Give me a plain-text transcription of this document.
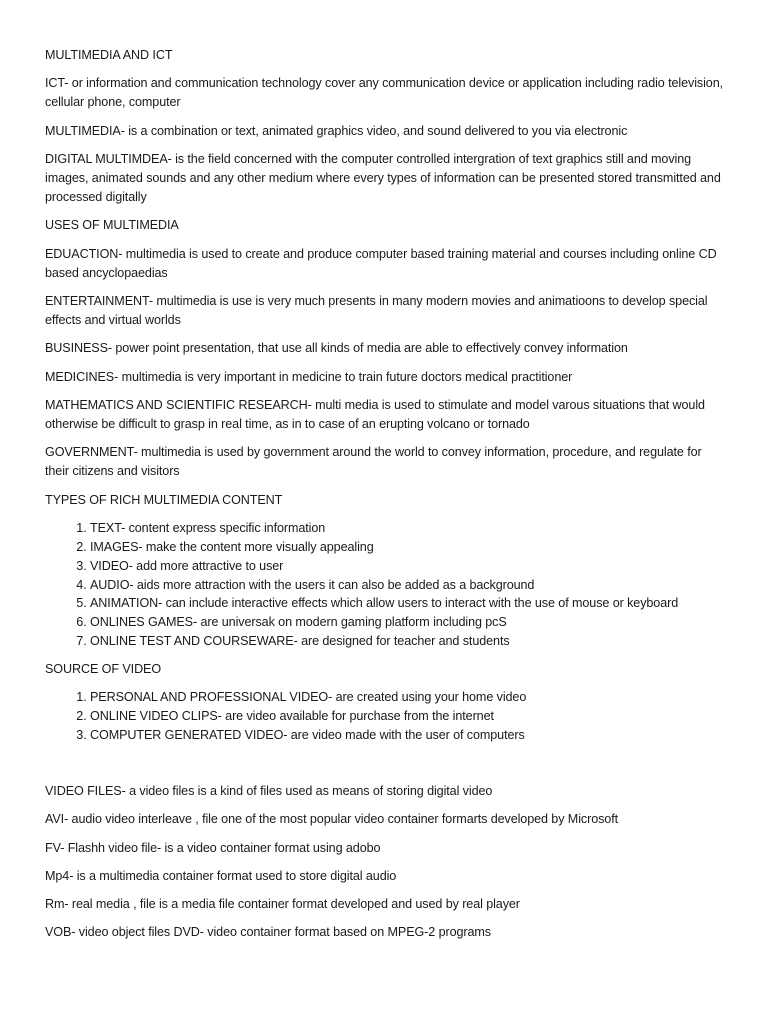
MULTIMEDIA AND ICT

ICT- or information and communication technology cover any communication device or application including radio television, cellular phone, computer

MULTIMEDIA- is a combination or text, animated graphics video, and sound delivered to you via electronic

DIGITAL MULTIMDEA- is the field concerned with the computer controlled intergration of text graphics still and moving images, animated sounds and any other medium where every types of information can be presented stored transmitted and processed digitally

USES OF MULTIMEDIA

EDUACTION- multimedia is used to create and produce computer based training material and courses including online CD based ancyclopaedias

ENTERTAINMENT- multimedia is use is very much presents in many modern movies and animatioons to develop special effects and virtual worlds

BUSINESS- power point presentation, that use all kinds of media are able to effectively convey information

MEDICINES- multimedia is very important in medicine to train future doctors medical practitioner

MATHEMATICS AND SCIENTIFIC RESEARCH- multi media is used to stimulate and model varous situations that would otherwise be difficult to grasp in real time, as in to case of an erupting volcano or tornado

GOVERNMENT- multimedia is used by government around the world to convey information, procedure, and regulate for their citizens and visitors

TYPES OF RICH MULTIMEDIA CONTENT

1. TEXT- content express specific information
2. IMAGES- make the content more visually appealing
3. VIDEO- add more attractive to user
4. AUDIO- aids more attraction with the users it can also be added as a background
5. ANIMATION- can include interactive effects which allow users to interact with the use of mouse or keyboard
6. ONLINES GAMES- are universak on modern gaming platform including pcS
7. ONLINE TEST AND COURSEWARE- are designed for teacher and students

SOURCE OF VIDEO

1. PERSONAL AND PROFESSIONAL VIDEO- are created using your home video
2. ONLINE VIDEO CLIPS- are video available for purchase from the internet
3. COMPUTER GENERATED VIDEO- are video made with the user of computers

VIDEO FILES- a video files is a kind of files used as means of storing digital video

AVI- audio video interleave , file one of the most popular video container formarts developed by Microsoft

FV- Flashh video file- is a video container format using adobo

Mp4- is a multimedia container format used to store digital audio

Rm- real media , file is a media file container format developed and used by real player

VOB- video object files DVD- video container format based on MPEG-2 programs
